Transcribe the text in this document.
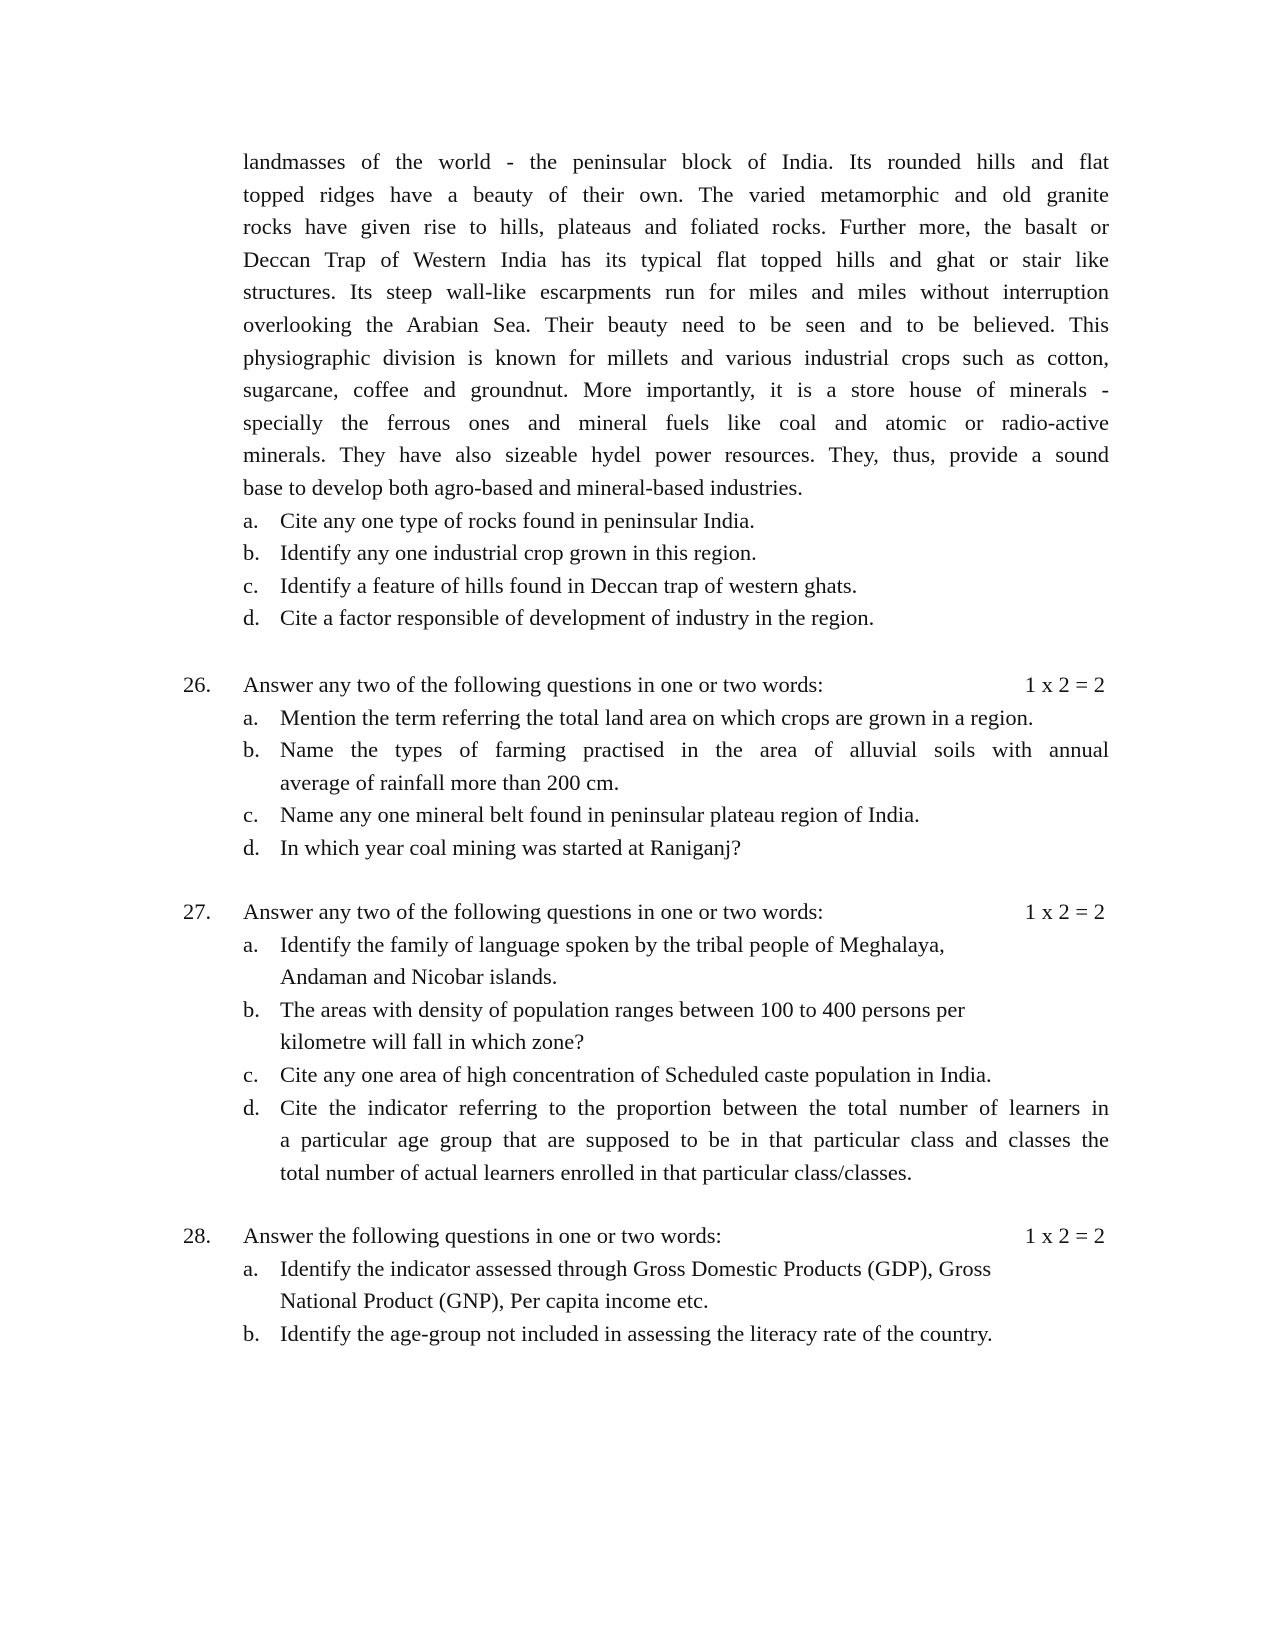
landmasses of the world - the peninsular block of India. Its rounded hills and flat
topped ridges have a beauty of their own. The varied metamorphic and old granite
rocks have given rise to hills, plateaus and foliated rocks. Further more, the basalt or
Deccan Trap of Western India has its typical flat topped hills and ghat or stair like
structures. Its steep wall-like escarpments run for miles and miles without interruption
overlooking the Arabian Sea. Their beauty need to be seen and to be believed. This
physiographic division is known for millets and various industrial crops such as cotton,
sugarcane, coffee and groundnut. More importantly, it is a store house of minerals -
specially the ferrous ones and mineral fuels like coal and atomic or radio-active
minerals. They have also sizeable hydel power resources. They, thus, provide a sound
base to develop both agro-based and mineral-based industries.
a. Cite any one type of rocks found in peninsular India.
b. Identify any one industrial crop grown in this region.
c. Identify a feature of hills found in Deccan trap of western ghats.
d. Cite a factor responsible of development of industry in the region.
26. Answer any two of the following questions in one or two words:	1 x 2 = 2
a. Mention the term referring the total land area on which crops are grown in a region.
b. Name the types of farming practised in the area of alluvial soils with annual
average of rainfall more than 200 cm.
c. Name any one mineral belt found in peninsular plateau region of India.
d. In which year coal mining was started at Raniganj?
27. Answer any two of the following questions in one or two words:	1 x 2 = 2
a. Identify the family of language spoken by the tribal people of Meghalaya,
Andaman and Nicobar islands.
b. The areas with density of population ranges between 100 to 400 persons per
kilometre will fall in which zone?
c. Cite any one area of high concentration of Scheduled caste population in India.
d. Cite the indicator referring to the proportion between the total number of learners in
a particular age group that are supposed to be in that particular class and classes the
total number of actual learners enrolled in that particular class/classes.
28. Answer the following questions in one or two words:	1 x 2 = 2
a. Identify the indicator assessed through Gross Domestic Products (GDP), Gross
National Product (GNP), Per capita income etc.
b. Identify the age-group not included in assessing the literacy rate of the country.
